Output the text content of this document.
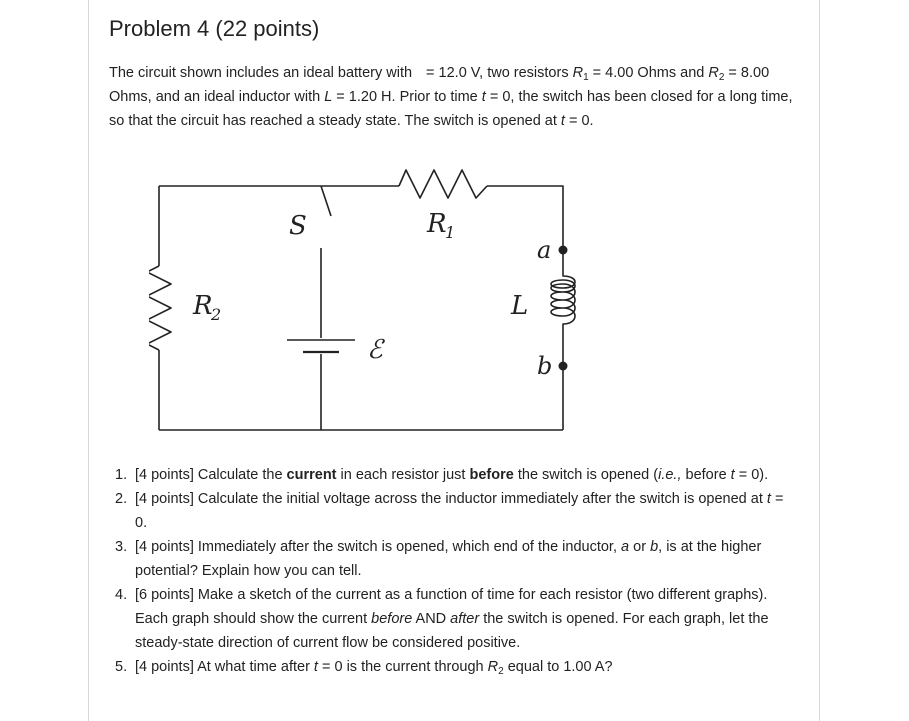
Problem 4 (22 points)

The circuit shown includes an ideal battery with = 12.0 V, two resistors $R_1 = 4.00$ Ohms and $R_2 = 8.00$ Ohms, and an ideal inductor with L = 1.20 H. Prior to time t = 0, the switch has been closed for a long time, so that the circuit has reached a steady state. The switch is opened at t = 0.

S	R
1
R
2
ℰ
L
a
b
1. [4 points] Calculate the current in each resistor just before the switch is opened (i.e., before t = 0).
2. [4 points] Calculate the initial voltage across the inductor immediately after the switch is opened at t = 0.
3. [4 points] Immediately after the switch is opened, which end of the inductor, a or b, is at the higher potential? Explain how you can tell.
4. [6 points] Make a sketch of the current as a function of time for each resistor (two different graphs). Each graph should show the current before AND after the switch is opened. For each graph, let the steady-state direction of current flow be considered positive.
5. [4 points] At what time after t = 0 is the current through $R_2$ equal to 1.00 A?
